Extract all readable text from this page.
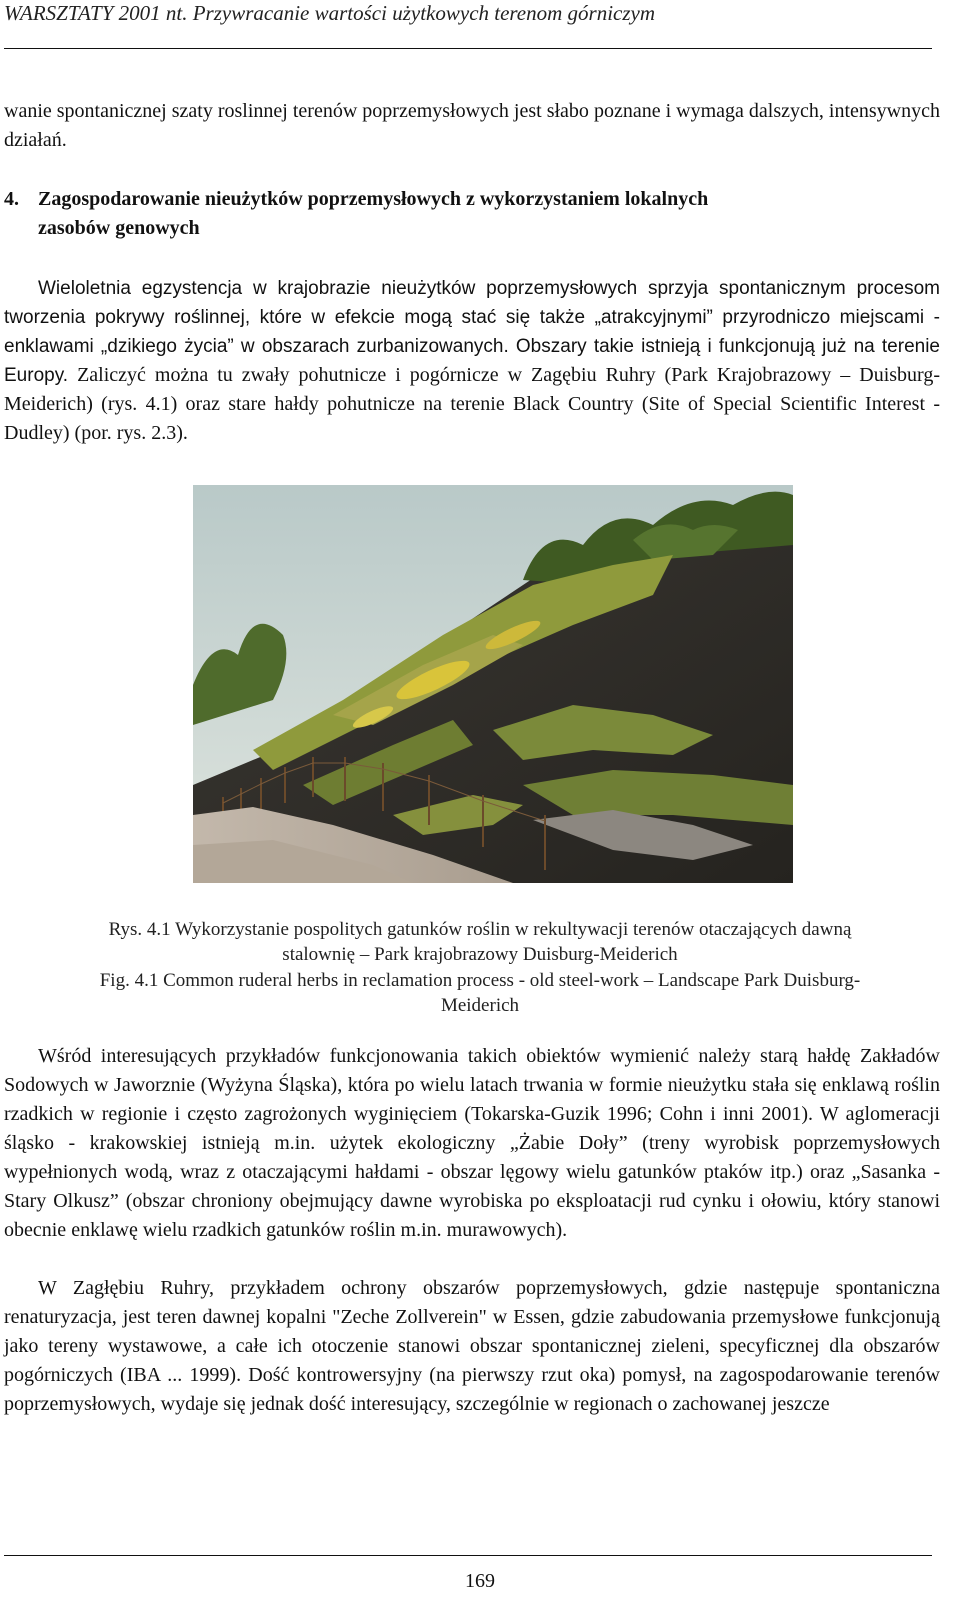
WARSZTATY 2001 nt. Przywracanie wartości użytkowych terenom górniczym
wanie spontanicznej szaty roslinnej terenów poprzemysłowych jest słabo poznane i wymaga dalszych, intensywnych działań.
4. Zagospodarowanie nieużytków poprzemysłowych z wykorzystaniem lokalnych
zasobów genowych
Wieloletnia egzystencja w krajobrazie nieużytków poprzemysłowych sprzyja spontanicznym procesom tworzenia pokrywy roślinnej, które w efekcie mogą stać się także „atrakcyjnymi” przyrodniczo miejscami - enklawami „dzikiego życia” w obszarach zurbanizowanych. Obszary takie istnieją i funkcjonują już na terenie Europy. Zaliczyć można tu zwały pohutnicze i pogórnicze w Zagębiu Ruhry (Park Krajobrazowy – Duisburg-Meiderich) (rys. 4.1) oraz stare hałdy pohutnicze na terenie Black Country (Site of Special Scientific Interest - Dudley) (por. rys. 2.3).
Rys. 4.1 Wykorzystanie pospolitych gatunków roślin w rekultywacji terenów otaczających dawną
stalownię – Park krajobrazowy Duisburg-Meiderich
Fig. 4.1 Common ruderal herbs in reclamation process - old steel-work – Landscape Park Duisburg-
Meiderich
Wśród interesujących przykładów funkcjonowania takich obiektów wymienić należy starą hałdę Zakładów Sodowych w Jaworznie (Wyżyna Śląska), która po wielu latach trwania w formie nieużytku stała się enklawą roślin rzadkich w regionie i często zagrożonych wyginięciem (Tokarska-Guzik 1996; Cohn i inni 2001). W aglomeracji śląsko - krakowskiej istnieją m.in. użytek ekologiczny „Żabie Doły” (treny wyrobisk poprzemysłowych wypełnionych wodą, wraz z otaczającymi hałdami - obszar lęgowy wielu gatunków ptaków itp.) oraz „Sasanka - Stary Olkusz” (obszar chroniony obejmujący dawne wyrobiska po eksploatacji rud cynku i ołowiu, który stanowi obecnie enklawę wielu rzadkich gatunków roślin m.in. murawowych).
W Zagłębiu Ruhry, przykładem ochrony obszarów poprzemysłowych, gdzie następuje spontaniczna renaturyzacja, jest teren dawnej kopalni "Zeche Zollverein" w Essen, gdzie zabudowania przemysłowe funkcjonują jako tereny wystawowe, a całe ich otoczenie stanowi obszar spontanicznej zieleni, specyficznej dla obszarów pogórniczych (IBA ... 1999). Dość kontrowersyjny (na pierwszy rzut oka) pomysł, na zagospodarowanie terenów poprzemysłowych, wydaje się jednak dość interesujący, szczególnie w regionach o zachowanej jeszcze
169
